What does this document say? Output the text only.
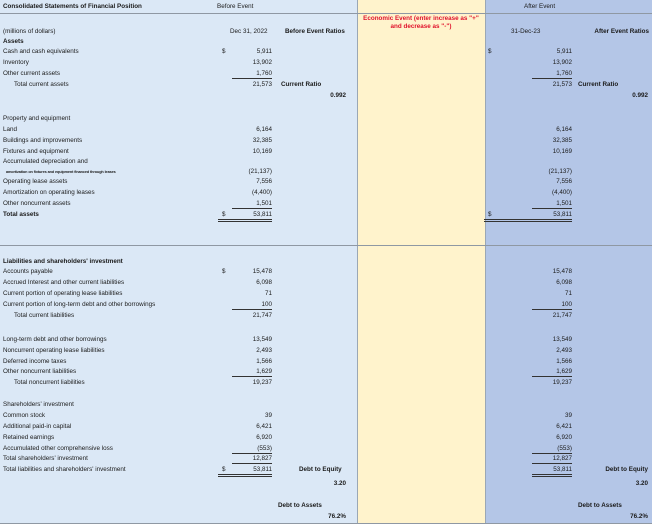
Consolidated Statements of Financial Position	Before Event	After Event
Economic Event (enter increase as "+"
and decrease as "-")
(millions of dollars)	Dec 31, 2022	Before Event Ratios	31-Dec-23	After Event Ratios
Assets
Cash and cash equivalents	$	5,911	$	5,911
Inventory	13,902	13,902
Other current assets	1,760	1,760
Total current assets	21,573 Current Ratio	21,573 Current Ratio
0.992	0.992
Property and equipment
Land	6,164	6,164
Buildings and improvements	32,385	32,385
Fixtures and equipment	10,169	10,169
Accumulated depreciation and
amortization on fixtures and equipment financed through leases	(21,137)	(21,137)
Operating lease assets	7,556	7,556
Amortization on operating leases	(4,400)	(4,400)
Other noncurrent assets	1,501	1,501
Total assets	$	53,811	$	53,811
Liabilities and shareholders' investment
Accounts payable	$	15,478	15,478
Accrued Interest and other current liabilities	6,098	6,098
Current portion of operating lease liabilities	71	71
Current portion of long-term debt and other borrowings	100	100
Total current liabilities	21,747	21,747
Long-term debt and other borrowings	13,549	13,549
Noncurrent operating lease liabilities	2,493	2,493
Deferred income taxes	1,566	1,566
Other noncurrent liabilities	1,629	1,629
Total noncurrent liabilities	19,237	19,237
Shareholders' investment
Common stock	39	39
Additional paid-in capital	6,421	6,421
Retained earnings	6,920	6,920
Accumulated other comprehensive loss	(553)	(553)
Total shareholders' investment	12,827	12,827
Total liabilities and shareholders' investment	$	53,811	Debt to Equity	53,811	Debt to Equity
3.20	3.20
Debt to Assets	Debt to Assets
76.2%	76.2%
